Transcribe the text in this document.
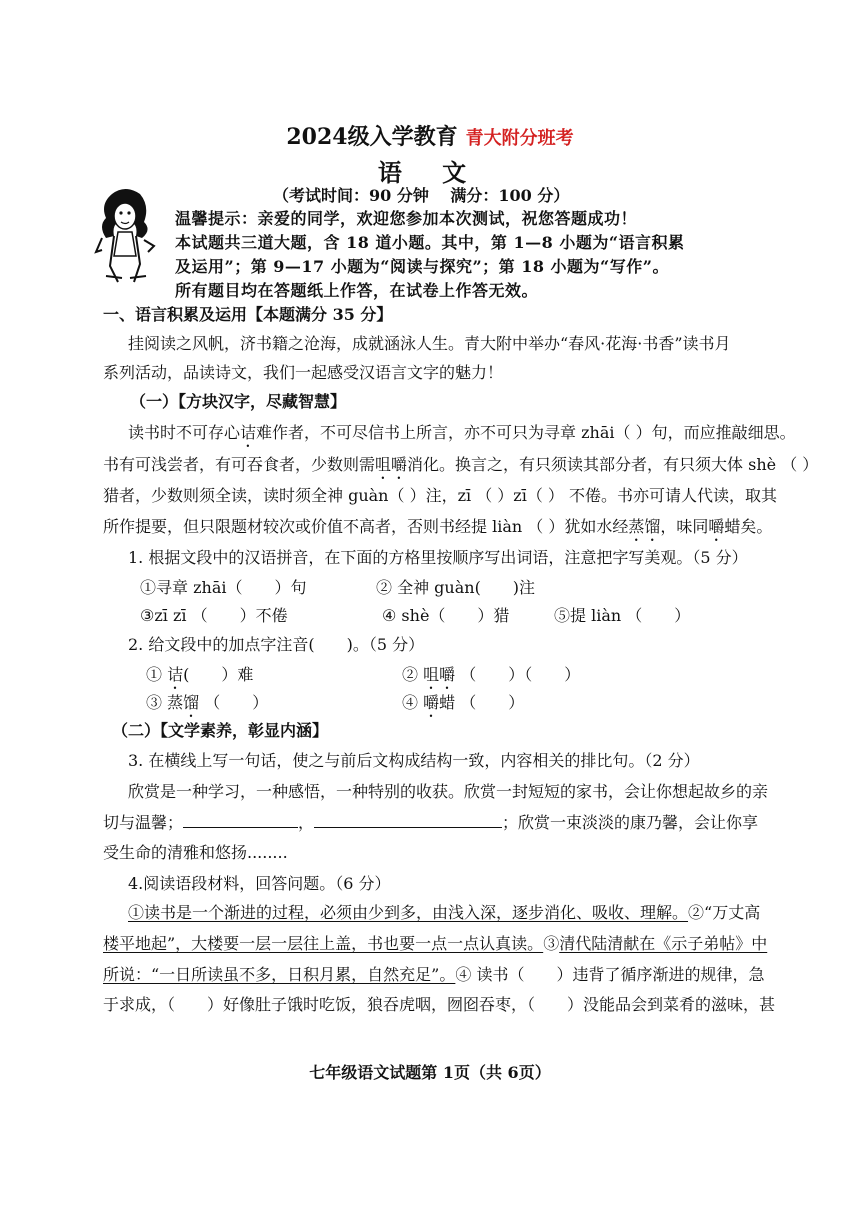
2024级入学教育 青大附分班考
语 文
（考试时间：90 分钟　 满分：100 分）
温馨提示：亲爱的同学，欢迎您参加本次测试，祝您答题成功！
本试题共三道大题，含 18 道小题。其中，第 1—8 小题为“语言积累
及运用”；第 9—17 小题为“阅读与探究”；第 18 小题为“写作”。
所有题目均在答题纸上作答，在试卷上作答无效。
一、语言积累及运用【本题满分 35 分】
挂阅读之风帆，济书籍之沧海，成就涵泳人生。青大附中举办“春风·花海·书香”读书月
系列活动，品读诗文，我们一起感受汉语言文字的魅力！
（一）【方块汉字，尽藏智慧】
读书时不可存心诘难作者，不可尽信书上所言，亦不可只为寻章 zhāi（ ）句，而应推敲细思。
书有可浅尝者，有可吞食者，少数则需咀嚼消化。换言之，有只须读其部分者，有只须大体 shè （ ）
猎者，少数则须全读，读时须全神 guàn（ ）注，zī （ ）zī（ ） 不倦。书亦可请人代读，取其
所作提要，但只限题材较次或价值不高者，否则书经提 liàn （ ）犹如水经蒸馏，味同嚼蜡矣。
1. 根据文段中的汉语拼音，在下面的方格里按顺序写出词语，注意把字写美观。（5 分）
①寻章 zhāi（　　）句	② 全神 guàn(　　)注
③zī zī （　　）不倦	④ shè（　　）猎	⑤提 liàn （　　）
2. 给文段中的加点字注音(　　)。（5 分）
① 诘(　　）难	② 咀嚼 （　　）（　　）
③ 蒸馏 （　　）	④ 嚼蜡 （　　）
（二）【文学素养，彰显内涵】
3. 在横线上写一句话，使之与前后文构成结构一致，内容相关的排比句。（2 分）
欣赏是一种学习，一种感悟，一种特别的收获。欣赏一封短短的家书，会让你想起故乡的亲
切与温馨；	，	；欣赏一束淡淡的康乃馨，会让你享
受生命的清雅和悠扬........
4.阅读语段材料，回答问题。（6 分）
①读书是一个渐进的过程，必须由少到多，由浅入深，逐步消化、吸收、理解。②“万丈高
楼平地起”，大楼要一层一层往上盖，书也要一点一点认真读。③清代陆清献在《示子弟帖》中
所说：“一日所读虽不多，日积月累，自然充足”。④ 读书（　　）违背了循序渐进的规律，急
于求成，（　　）好像肚子饿时吃饭，狼吞虎咽，囫囵吞枣，（　　）没能品会到菜肴的滋味，甚
七年级语文试题第 1页（共 6页）
